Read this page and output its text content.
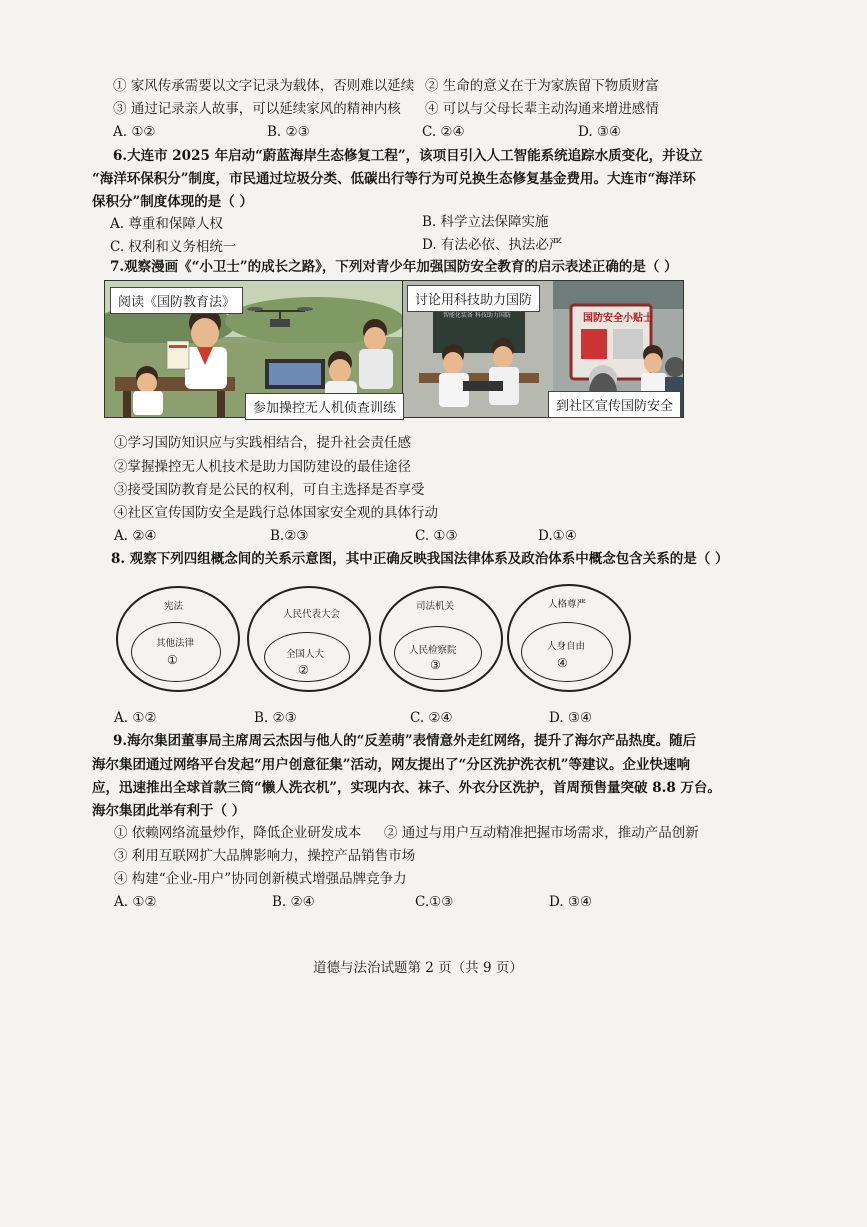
① 家风传承需要以文字记录为载体，否则难以延续 ② 生命的意义在于为家族留下物质财富
③ 通过记录亲人故事，可以延续家风的精神内核 ④ 可以与父母长辈主动沟通来增进感情
A. ①②	B. ②③	C. ②④	D. ③④
6.大连市 2025 年启动“蔚蓝海岸生态修复工程”，该项目引入人工智能系统追踪水质变化，并设立
“海洋环保积分”制度，市民通过垃圾分类、低碳出行等行为可兑换生态修复基金费用。大连市“海洋环
保积分”制度体现的是（ ）
A. 尊重和保障人权	B. 科学立法保障实施
C. 权利和义务相统一	D. 有法必依、执法必严
7.观察漫画《“小卫士”的成长之路》，下列对青少年加强国防安全教育的启示表述正确的是（ ）
智能化装备 科技助力国防	国防安全小贴士
阅读《国防教育法》	讨论用科技助力国防
参加操控无人机侦查训练	到社区宣传国防安全
①学习国防知识应与实践相结合，提升社会责任感
②掌握操控无人机技术是助力国防建设的最佳途径
③接受国防教育是公民的权利，可自主选择是否享受
④社区宣传国防安全是践行总体国家安全观的具体行动
A. ②④	B.②③	C. ①③	D.①④
8. 观察下列四组概念间的关系示意图，其中正确反映我国法律体系及政治体系中概念包含关系的是（ ）
宪法
其他法律
①
人民代表大会
全国人大
②
司法机关
人民检察院
③
人格尊严
人身自由
④
A. ①②	B. ②③	C. ②④	D. ③④
9.海尔集团董事局主席周云杰因与他人的“反差萌”表情意外走红网络，提升了海尔产品热度。随后
海尔集团通过网络平台发起“用户创意征集”活动，网友提出了“分区洗护洗衣机”等建议。企业快速响
应，迅速推出全球首款三筒“懒人洗衣机”，实现内衣、袜子、外衣分区洗护，首周预售量突破 8.8 万台。
海尔集团此举有利于（ ）
① 依赖网络流量炒作，降低企业研发成本 ② 通过与用户互动精准把握市场需求，推动产品创新
③ 利用互联网扩大品牌影响力，操控产品销售市场
④ 构建“企业-用户”协同创新模式增强品牌竞争力
A. ①②	B. ②④	C.①③	D. ③④
道德与法治试题第 2 页（共 9 页）
